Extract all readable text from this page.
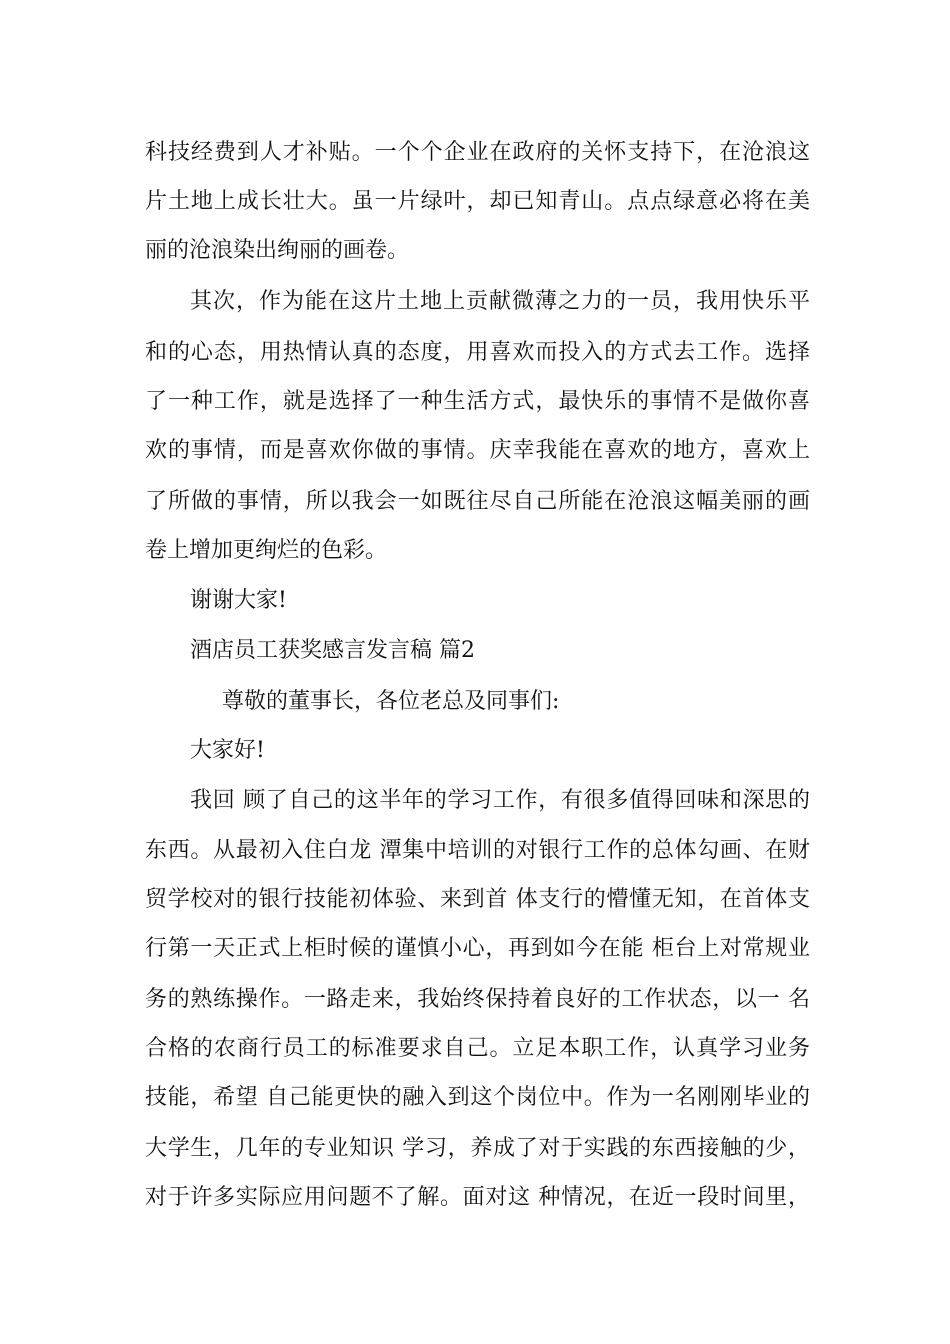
科技经费到人才补贴。一个个企业在政府的关怀支持下，在沧浪这
片土地上成长壮大。虽一片绿叶，却已知青山。点点绿意必将在美
丽的沧浪染出绚丽的画卷。
其次，作为能在这片土地上贡献微薄之力的一员，我用快乐平
和的心态，用热情认真的态度，用喜欢而投入的方式去工作。选择
了一种工作，就是选择了一种生活方式，最快乐的事情不是做你喜
欢的事情，而是喜欢你做的事情。庆幸我能在喜欢的地方，喜欢上
了所做的事情，所以我会一如既往尽自己所能在沧浪这幅美丽的画
卷上增加更绚烂的色彩。
谢谢大家!
酒店员工获奖感言发言稿 篇2
尊敬的董事长，各位老总及同事们:
大家好!
我回 顾了自己的这半年的学习工作，有很多值得回味和深思的
东西。从最初入住白龙 潭集中培训的对银行工作的总体勾画、在财
贸学校对的银行技能初体验、来到首 体支行的懵懂无知，在首体支
行第一天正式上柜时候的谨慎小心，再到如今在能 柜台上对常规业
务的熟练操作。一路走来，我始终保持着良好的工作状态，以一 名
合格的农商行员工的标准要求自己。立足本职工作，认真学习业务
技能，希望 自己能更快的融入到这个岗位中。作为一名刚刚毕业的
大学生，几年的专业知识 学习，养成了对于实践的东西接触的少，
对于许多实际应用问题不了解。面对这 种情况，在近一段时间里，
